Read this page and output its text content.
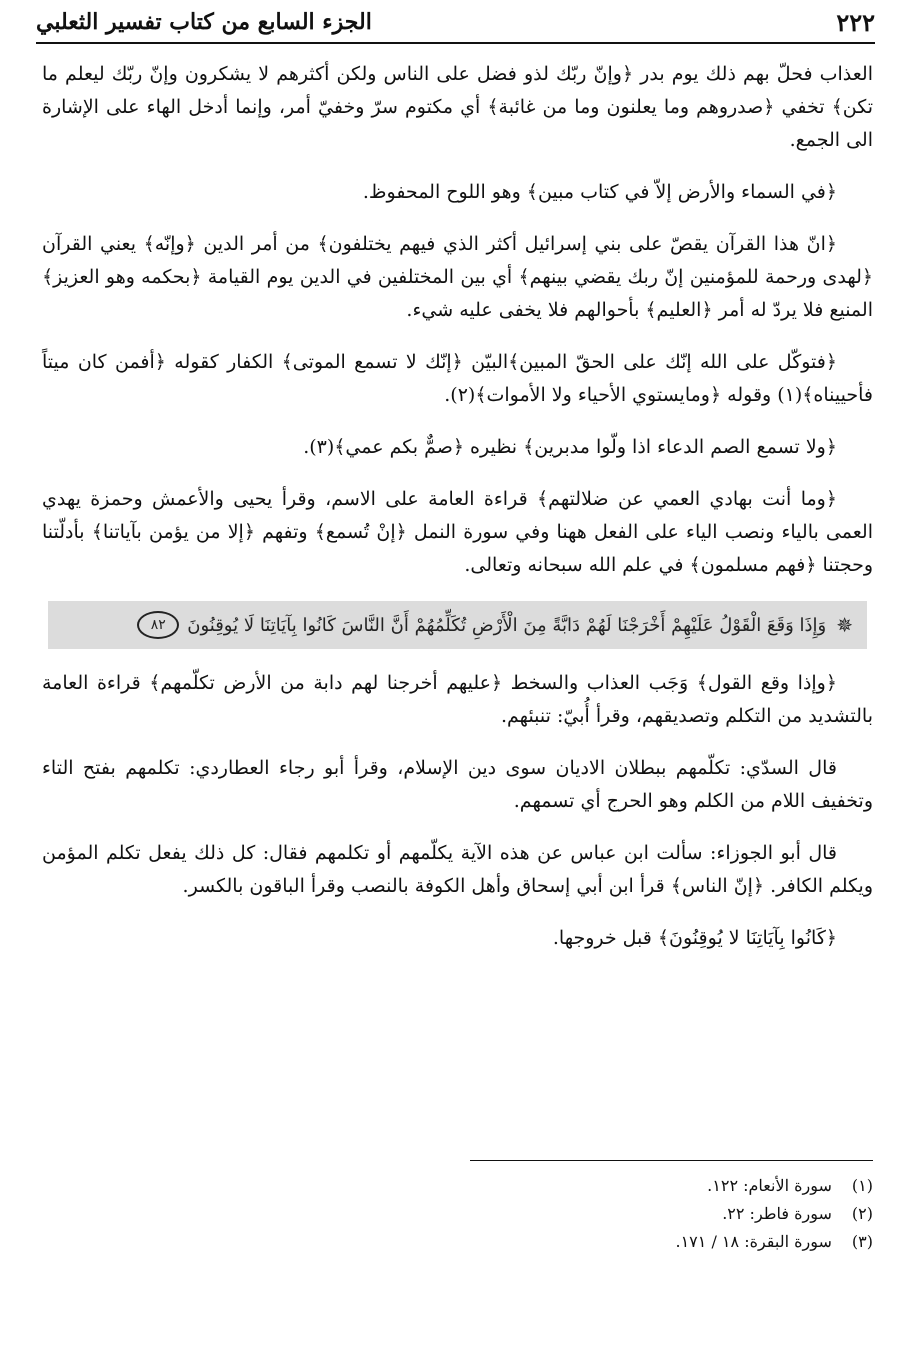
٢٢٢
الجزء السابع من كتاب تفسير الثعلبي

العذاب فحلّ بهم ذلك يوم بدر ﴿وإنّ ربّك لذو فضل على الناس ولكن أكثرهم لا يشكرون وإنّ ربّك ليعلم ما تكن﴾ تخفي ﴿صدروهم وما يعلنون وما من غائبة﴾ أي مكتوم سرّ وخفيّ أمر، وإنما أدخل الهاء على الإشارة الى الجمع.

﴿في السماء والأرض إلاّ في كتاب مبين﴾ وهو اللوح المحفوظ.

﴿انّ هذا القرآن يقصّ على بني إسرائيل أكثر الذي فيهم يختلفون﴾ من أمر الدين ﴿وإنّه﴾ يعني القرآن ﴿لهدى ورحمة للمؤمنين إنّ ربك يقضي بينهم﴾ أي بين المختلفين في الدين يوم القيامة ﴿بحكمه وهو العزيز﴾ المنيع فلا يردّ له أمر ﴿العليم﴾ بأحوالهم فلا يخفى عليه شيء.

﴿فتوكّل على الله إنّك على الحقّ المبين﴾البيّن ﴿إنّك لا تسمع الموتى﴾ الكفار كقوله ﴿أفمن كان ميتاً فأحييناه﴾(١) وقوله ﴿ومايستوي الأحياء ولا الأموات﴾(٢).

﴿ولا تسمع الصم الدعاء اذا ولّوا مدبرين﴾ نظيره ﴿صمٌّ بكم عمي﴾(٣).

﴿وما أنت بهادي العمي عن ضلالتهم﴾ قراءة العامة على الاسم، وقرأ يحيى والأعمش وحمزة يهدي العمى بالياء ونصب الياء على الفعل ههنا وفي سورة النمل ﴿إنْ تُسمع﴾ وتفهم ﴿إلا من يؤمن بآياتنا﴾ بأدلّتنا وحجتنا ﴿فهم مسلمون﴾ في علم الله سبحانه وتعالى.

✵
وَإِذَا وَقَعَ الْقَوْلُ عَلَيْهِمْ أَخْرَجْنَا لَهُمْ دَابَّةً مِنَ الْأَرْضِ تُكَلِّمُهُمْ أَنَّ النَّاسَ كَانُوا بِآيَاتِنَا لَا يُوقِنُونَ
٨٢

﴿وإذا وقع القول﴾ وَجَب العذاب والسخط ﴿عليهم أخرجنا لهم دابة من الأرض تكلّمهم﴾ قراءة العامة بالتشديد من التكلم وتصديقهم، وقرأ أُبيّ: تنبئهم.

قال السدّي: تكلّمهم ببطلان الاديان سوى دين الإسلام، وقرأ أبو رجاء العطاردي: تكلمهم بفتح التاء وتخفيف اللام من الكلم وهو الحرج أي تسمهم.

قال أبو الجوزاء: سألت ابن عباس عن هذه الآية يكلّمهم أو تكلمهم فقال: كل ذلك يفعل تكلم المؤمن ويكلم الكافر. ﴿إنّ الناس﴾ قرأ ابن أبي إسحاق وأهل الكوفة بالنصب وقرأ الباقون بالكسر.

﴿كَانُوا بِآيَاتِنَا لا يُوقِنُونَ﴾ قبل خروجها.

(١) سورة الأنعام: ١٢٢.
(٢) سورة فاطر: ٢٢.
(٣) سورة البقرة: ١٨ / ١٧١.
